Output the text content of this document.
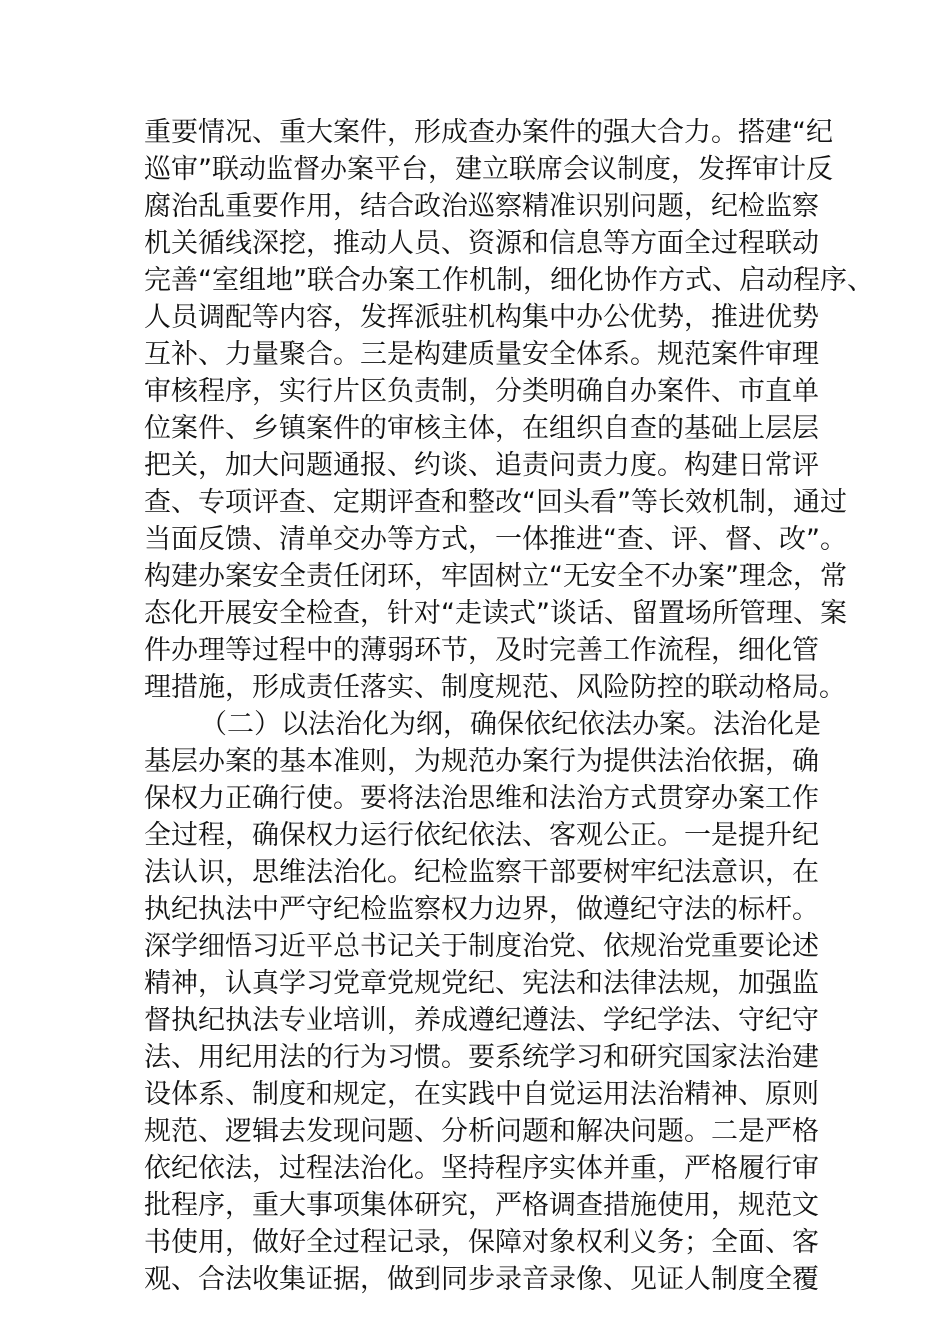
重要情况、重大案件，形成查办案件的强大合力。搭建“纪
巡审”联动监督办案平台，建立联席会议制度，发挥审计反
腐治乱重要作用，结合政治巡察精准识别问题，纪检监察
机关循线深挖，推动人员、资源和信息等方面全过程联动
完善“室组地”联合办案工作机制，细化协作方式、启动程序、
人员调配等内容，发挥派驻机构集中办公优势，推进优势
互补、力量聚合。三是构建质量安全体系。规范案件审理
审核程序，实行片区负责制，分类明确自办案件、市直单
位案件、乡镇案件的审核主体，在组织自查的基础上层层
把关，加大问题通报、约谈、追责问责力度。构建日常评
查、专项评查、定期评查和整改“回头看”等长效机制，通过
当面反馈、清单交办等方式，一体推进“查、评、督、改”。
构建办案安全责任闭环，牢固树立“无安全不办案”理念，常
态化开展安全检查，针对“走读式”谈话、留置场所管理、案
件办理等过程中的薄弱环节，及时完善工作流程，细化管
理措施，形成责任落实、制度规范、风险防控的联动格局。
（二）以法治化为纲，确保依纪依法办案。法治化是
基层办案的基本准则，为规范办案行为提供法治依据，确
保权力正确行使。要将法治思维和法治方式贯穿办案工作
全过程，确保权力运行依纪依法、客观公正。一是提升纪
法认识，思维法治化。纪检监察干部要树牢纪法意识，在
执纪执法中严守纪检监察权力边界，做遵纪守法的标杆。
深学细悟习近平总书记关于制度治党、依规治党重要论述
精神，认真学习党章党规党纪、宪法和法律法规，加强监
督执纪执法专业培训，养成遵纪遵法、学纪学法、守纪守
法、用纪用法的行为习惯。要系统学习和研究国家法治建
设体系、制度和规定，在实践中自觉运用法治精神、原则
规范、逻辑去发现问题、分析问题和解决问题。二是严格
依纪依法，过程法治化。坚持程序实体并重，严格履行审
批程序，重大事项集体研究，严格调查措施使用，规范文
书使用，做好全过程记录，保障对象权利义务；全面、客
观、合法收集证据，做到同步录音录像、见证人制度全覆
